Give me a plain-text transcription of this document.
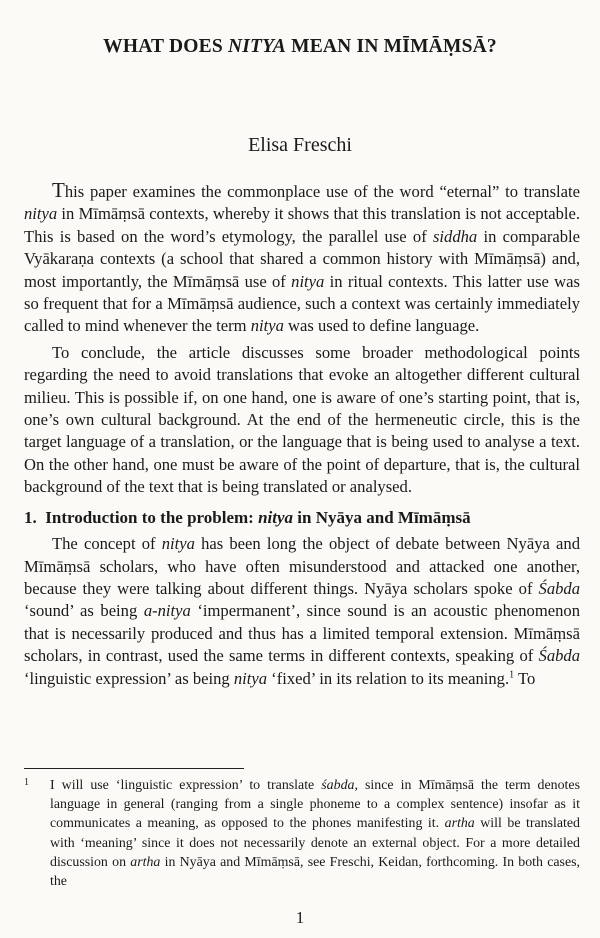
WHAT DOES NITYA MEAN IN MĪMĀṂSĀ?
Elisa Freschi

This paper examines the commonplace use of the word “eternal” to translate nitya in Mīmāṃsā contexts, whereby it shows that this translation is not acceptable. This is based on the word’s etymology, the parallel use of siddha in comparable Vyākaraṇa contexts (a school that shared a common history with Mīmāṃsā) and, most importantly, the Mīmāṃsā use of nitya in ritual contexts. This latter use was so frequent that for a Mīmāṃsā audience, such a context was certainly immediately called to mind whenever the term nitya was used to define language.

To conclude, the article discusses some broader methodological points regarding the need to avoid translations that evoke an altogether different cultural milieu. This is possible if, on one hand, one is aware of one’s starting point, that is, one’s own cultural background. At the end of the hermeneutic circle, this is the target language of a translation, or the language that is being used to analyse a text. On the other hand, one must be aware of the point of departure, that is, the cultural background of the text that is being translated or analysed.

1. Introduction to the problem: nitya in Nyāya and Mīmāṃsā

The concept of nitya has been long the object of debate between Nyāya and Mīmāṃsā scholars, who have often misunderstood and attacked one another, because they were talking about different things. Nyāya scholars spoke of Śabda ‘sound’ as being a-nitya ‘impermanent’, since sound is an acoustic phenomenon that is necessarily produced and thus has a limited temporal extension. Mīmāṃsā scholars, in contrast, used the same terms in different contexts, speaking of Śabda ‘linguistic expression’ as being nitya ‘fixed’ in its relation to its meaning.$^1$ To

1 I will use ‘linguistic expression’ to translate śabda, since in Mīmāṃsā the term denotes language in general (ranging from a single phoneme to a complex sentence) insofar as it communicates a meaning, as opposed to the phones manifesting it. artha will be translated with ‘meaning’ since it does not necessarily denote an external object. For a more detailed discussion on artha in Nyāya and Mīmāṃsā, see Freschi, Keidan, forthcoming. In both cases, the
1
